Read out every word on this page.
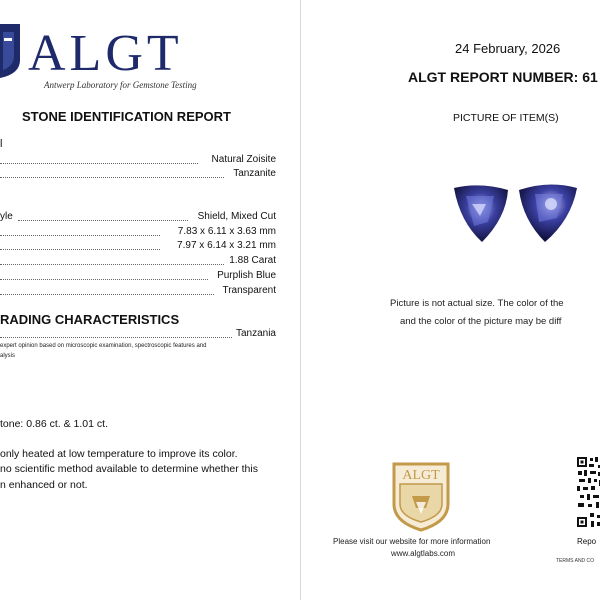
ALGT
Antwerp Laboratory for Gemstone Testing
STONE IDENTIFICATION REPORT
l
Natural Zoisite
Tanzanite
yle	Shield, Mixed Cut
7.83 x 6.11 x 3.63 mm
7.97 x 6.14 x 3.21 mm
1.88 Carat
Purplish Blue
Transparent
RADING CHARACTERISTICS
Tanzania
expert opinion based on microscopic examination, spectroscopic features and
alysis
tone: 0.86 ct. & 1.01 ct.
only heated at low temperature to improve its color.
no scientific method available to determine whether this
n enhanced or not.
24 February, 2026
ALGT REPORT NUMBER: 61
PICTURE OF ITEM(S)
Picture is not actual size. The color of the
and the color of the picture may be diff
ALGT
Please visit our website for more information
www.algtlabs.com
Repo
TERMS AND CO
